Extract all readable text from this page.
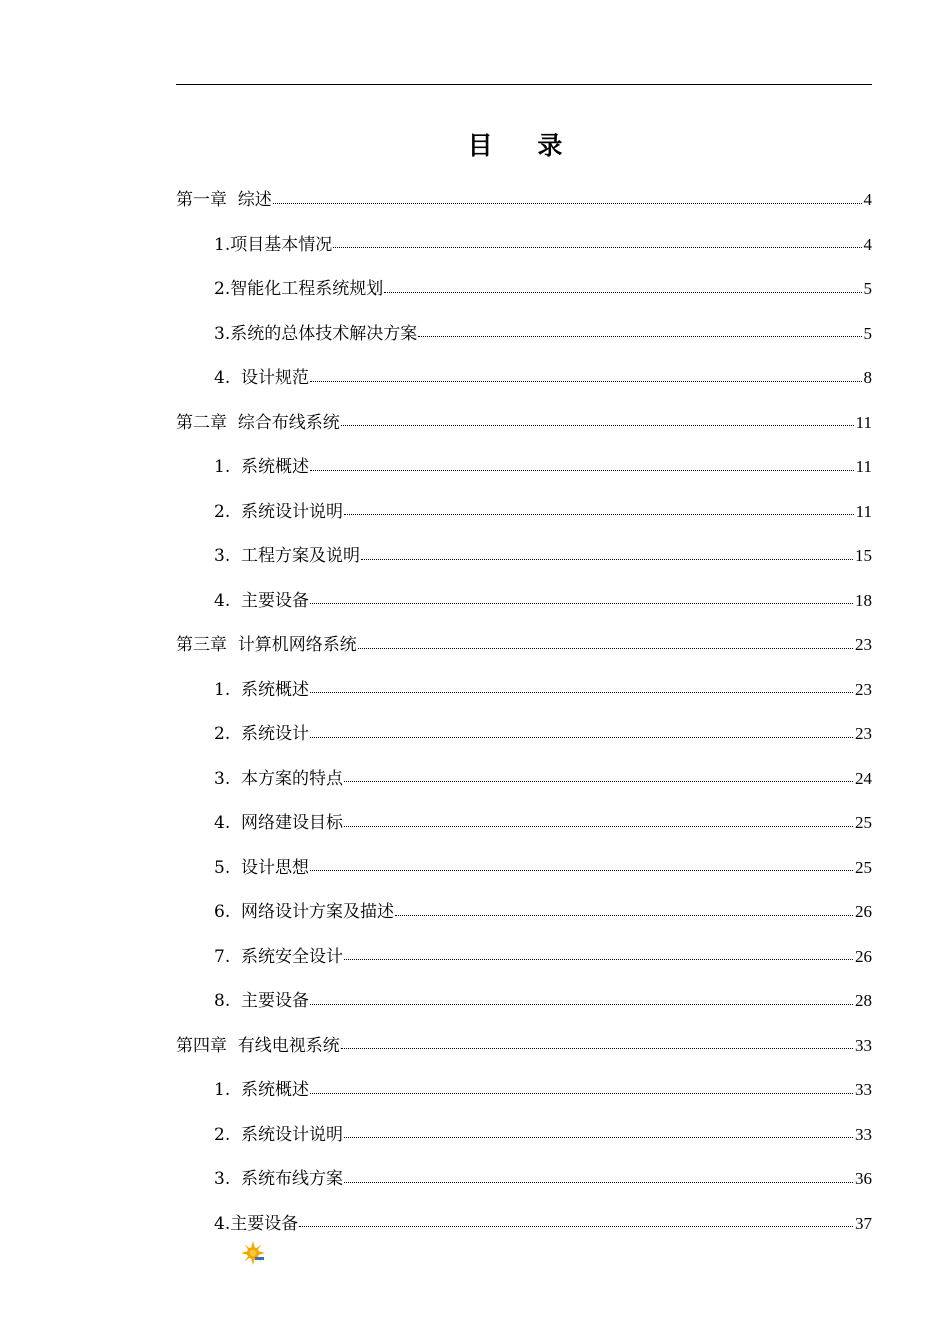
目 录
第一章  综述	4
1.项目基本情况	4
2.智能化工程系统规划	5
3.系统的总体技术解决方案	5
4.  设计规范	8
第二章  综合布线系统	11
1.  系统概述	11
2.  系统设计说明	11
3.  工程方案及说明	15
4.  主要设备	18
第三章  计算机网络系统	23
1.  系统概述	23
2.  系统设计	23
3.  本方案的特点	24
4.  网络建设目标	25
5.  设计思想	25
6.  网络设计方案及描述	26
7.  系统安全设计	26
8.  主要设备	28
第四章  有线电视系统	33
1.  系统概述	33
2.  系统设计说明	33
3.  系统布线方案	36
4.主要设备	37
